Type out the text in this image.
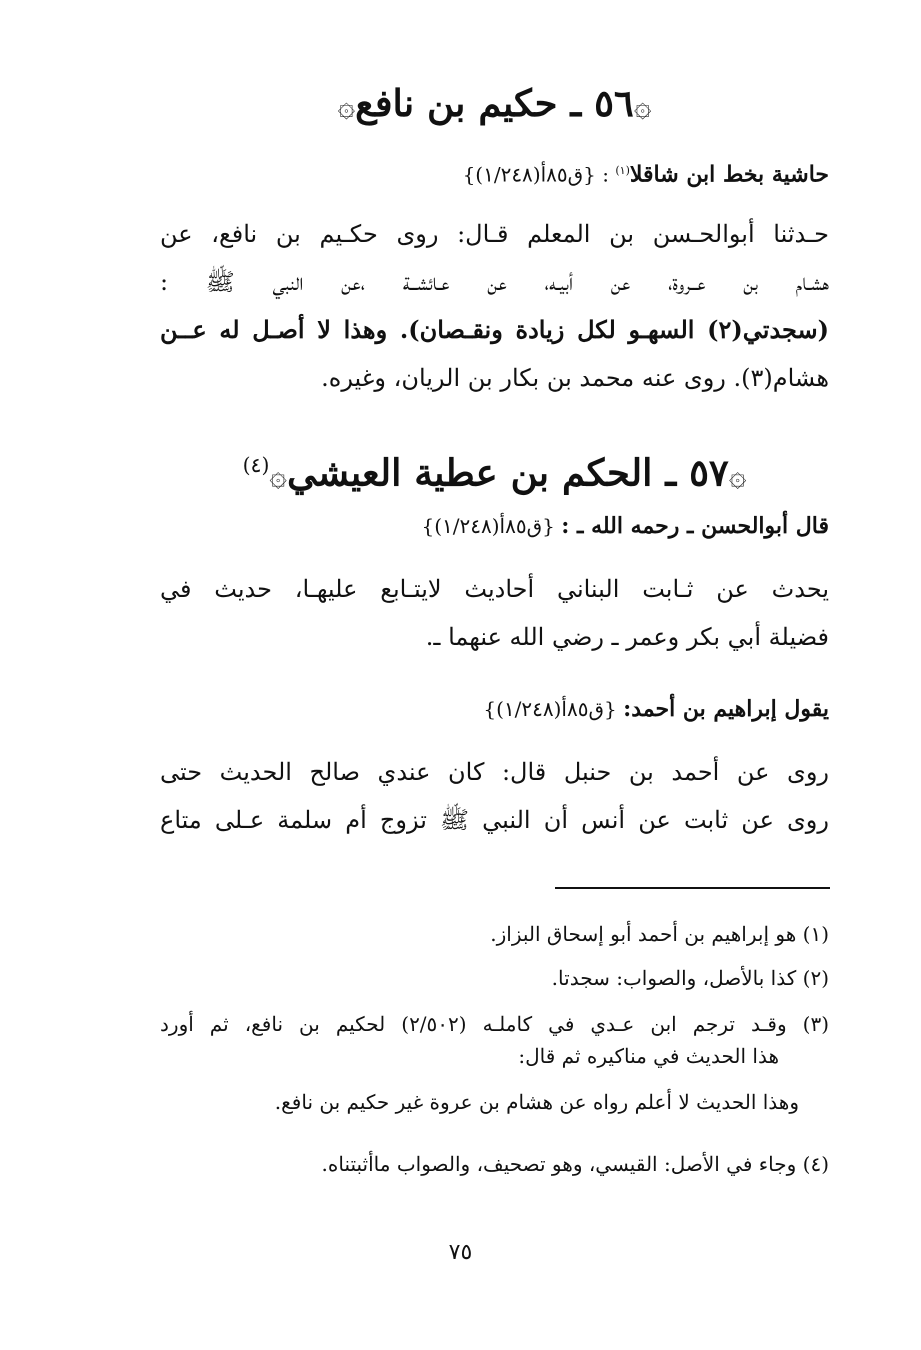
۞٥٦ ـ حكيم بن نافع۞
حاشية بخط ابن شاقلا$^{(١)}$ : {ق٨٥أ(١/٢٤٨)}
حـدثنا أبوالحـسن بن المعلم قـال: روى حكـيم بن نافع، عن
هشـام بن عــروة، عن أبيـه، عن عـائشــة ،عن النبي ﷺ :
(سجدتي(٢) السهـو لكل زيادة ونقـصان). وهذا لا أصـل له عــن
هشام(٣). روى عنه محمد بن بكار بن الريان، وغيره.
۞٥٧ ـ الحكم بن عطية العيشي۞$^{(٤)}$
قال أبوالحسن ـ رحمه الله ـ : {ق٨٥أ(١/٢٤٨)}
يحدث عن ثـابت البناني أحاديث لايتـابع عليهـا، حديث في
فضيلة أبي بكر وعمر ـ رضي الله عنهما ـ.
يقول إبراهيم بن أحمد: {ق٨٥أ(١/٢٤٨)}
روى عن أحمد بن حنبل قال: كان عندي صالح الحديث حتى
روى عن ثابت عن أنس أن النبي ﷺ تزوج أم سلمة عـلى متاع
(١) هو إبراهيم بن أحمد أبو إسحاق البزاز.
(٢) كذا بالأصل، والصواب: سجدتا.
(٣) وقـد ترجم ابن عـدي في كاملـه (٢/٥٠٢) لحكيم بن نافع، ثم أورد
هذا الحديث في مناكيره ثم قال:
وهذا الحديث لا أعلم رواه عن هشام بن عروة غير حكيم بن نافع.
(٤) وجاء في الأصل: القيسي، وهو تصحيف، والصواب ماأثبتناه.
٧٥
